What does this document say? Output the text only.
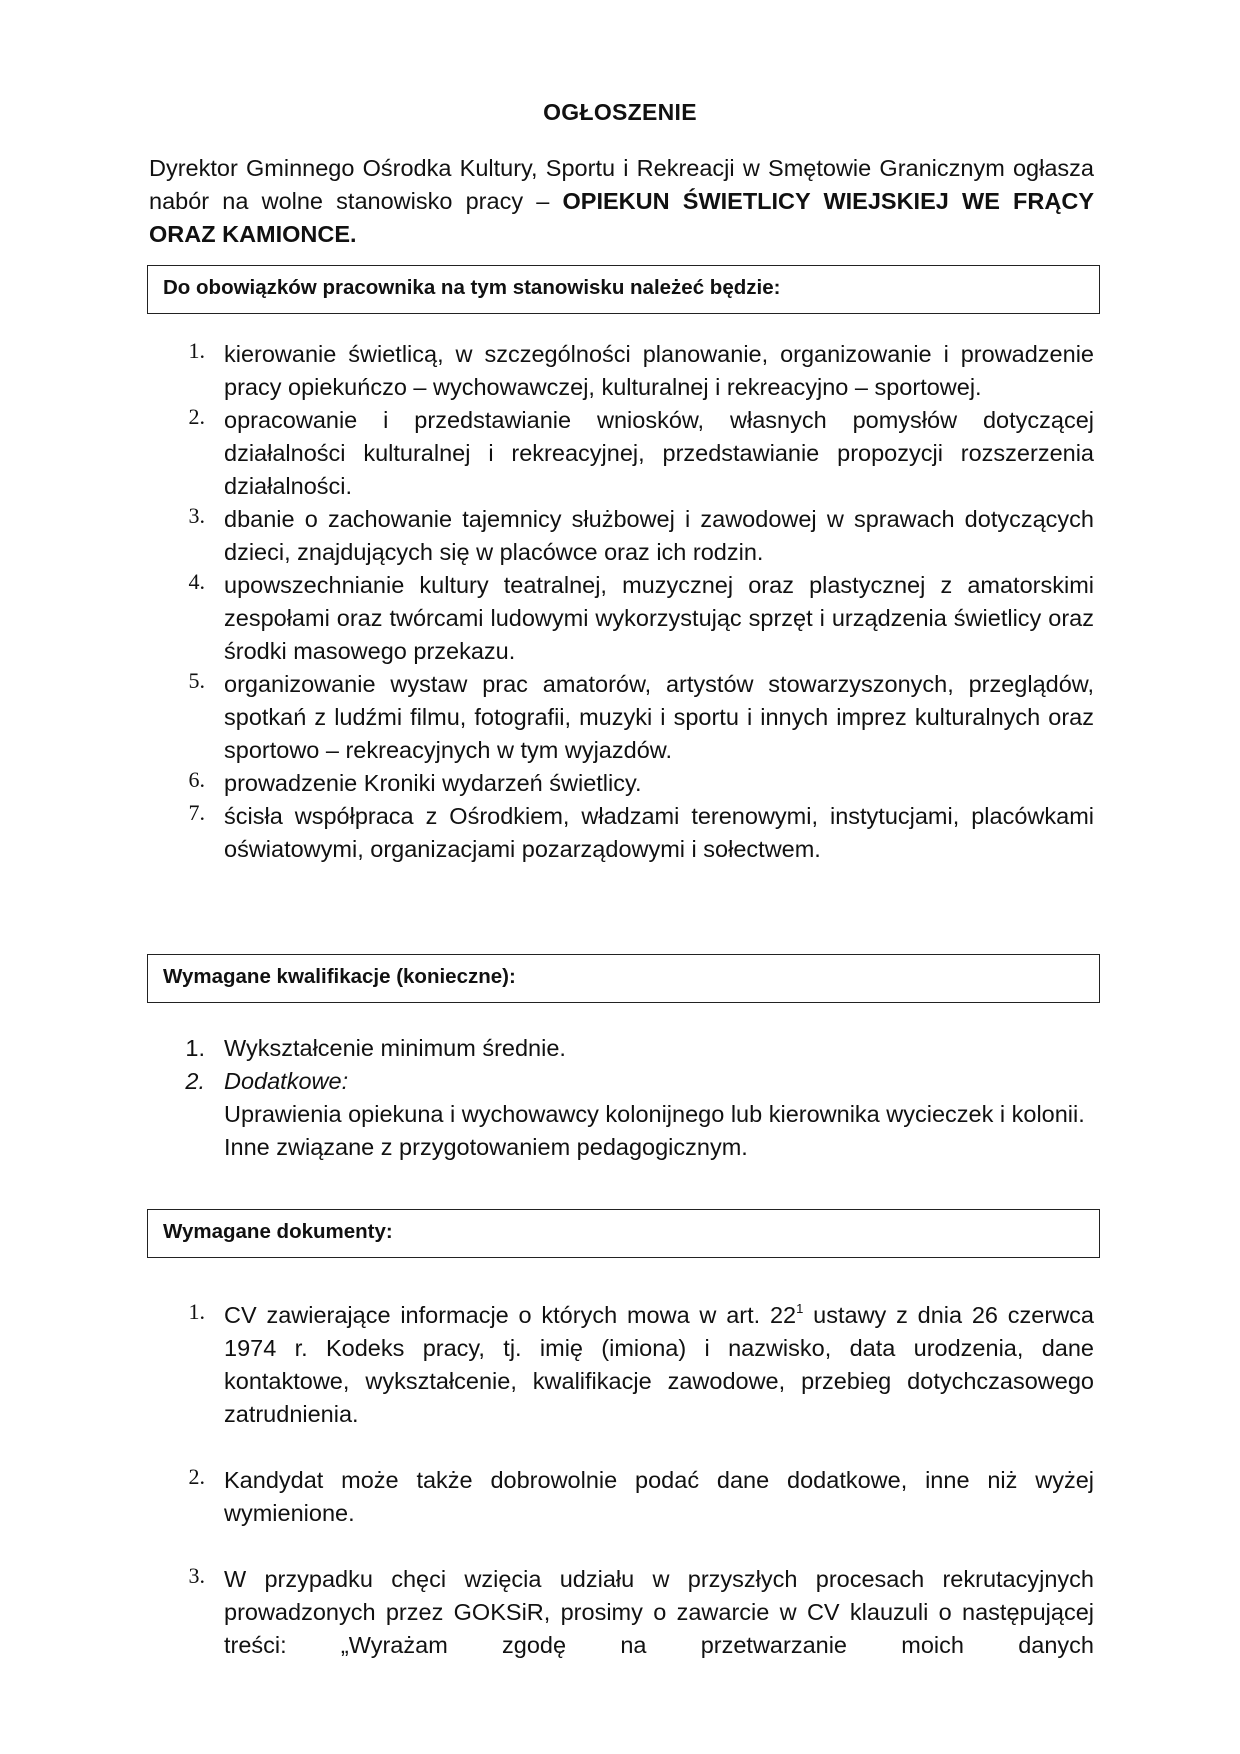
OGŁOSZENIE
Dyrektor Gminnego Ośrodka Kultury, Sportu i Rekreacji w Smętowie Granicznym ogłasza nabór na wolne stanowisko pracy – OPIEKUN ŚWIETLICY WIEJSKIEJ WE FRĄCY ORAZ KAMIONCE.
Do obowiązków pracownika na tym stanowisku należeć będzie:
1. kierowanie świetlicą, w szczególności planowanie, organizowanie i prowadzenie pracy opiekuńczo – wychowawczej, kulturalnej i rekreacyjno – sportowej.
2. opracowanie i przedstawianie wniosków, własnych pomysłów dotyczącej działalności kulturalnej i rekreacyjnej, przedstawianie propozycji rozszerzenia działalności.
3. dbanie o zachowanie tajemnicy służbowej i zawodowej w sprawach dotyczących dzieci, znajdujących się w placówce oraz ich rodzin.
4. upowszechnianie kultury teatralnej, muzycznej oraz plastycznej z amatorskimi zespołami oraz twórcami ludowymi wykorzystując sprzęt i urządzenia świetlicy oraz środki masowego przekazu.
5. organizowanie wystaw prac amatorów, artystów stowarzyszonych, przeglądów, spotkań z ludźmi filmu, fotografii, muzyki i sportu i innych imprez kulturalnych oraz sportowo – rekreacyjnych w tym wyjazdów.
6. prowadzenie Kroniki wydarzeń świetlicy.
7. ścisła współpraca z Ośrodkiem, władzami terenowymi, instytucjami, placówkami oświatowymi, organizacjami pozarządowymi i sołectwem.
Wymagane kwalifikacje (konieczne):
1. Wykształcenie minimum średnie.
2. Dodatkowe:
Uprawienia opiekuna i wychowawcy kolonijnego lub kierownika wycieczek i kolonii.
Inne związane z przygotowaniem pedagogicznym.
Wymagane dokumenty:
1. CV zawierające informacje o których mowa w art. $22^1$ ustawy z dnia 26 czerwca 1974 r. Kodeks pracy, tj. imię (imiona) i nazwisko, data urodzenia, dane kontaktowe, wykształcenie, kwalifikacje zawodowe, przebieg dotychczasowego zatrudnienia.
2. Kandydat może także dobrowolnie podać dane dodatkowe, inne niż wyżej wymienione.
3. W przypadku chęci wzięcia udziału w przyszłych procesach rekrutacyjnych prowadzonych przez GOKSiR, prosimy o zawarcie w CV klauzuli o następującej treści: „Wyrażam zgodę na przetwarzanie moich danych
